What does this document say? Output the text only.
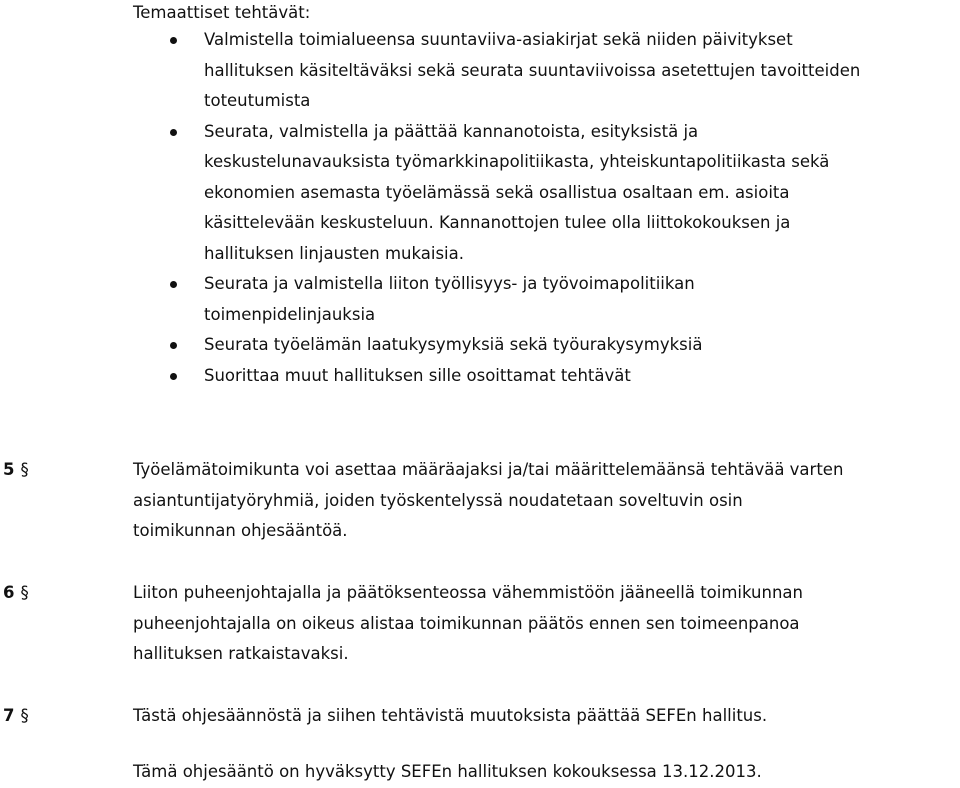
Temaattiset tehtävät:
Valmistella toimialueensa suuntaviiva-asiakirjat sekä niiden päivitykset
hallituksen käsiteltäväksi sekä seurata suuntaviivoissa asetettujen tavoitteiden
toteutumista
Seurata, valmistella ja päättää kannanotoista, esityksistä ja
keskustelunavauksista työmarkkinapolitiikasta, yhteiskuntapolitiikasta sekä
ekonomien asemasta työelämässä sekä osallistua osaltaan em. asioita
käsittelevään keskusteluun. Kannanottojen tulee olla liittokokouksen ja
hallituksen linjausten mukaisia.
Seurata ja valmistella liiton työllisyys- ja työvoimapolitiikan
toimenpidelinjauksia
Seurata työelämän laatukysymyksiä sekä työurakysymyksiä
Suorittaa muut hallituksen sille osoittamat tehtävät
5 §	Työelämätoimikunta voi asettaa määräajaksi ja/tai määrittelemäänsä tehtävää varten
asiantuntijatyöryhmiä, joiden työskentelyssä noudatetaan soveltuvin osin
toimikunnan ohjesääntöä.
6 §	Liiton puheenjohtajalla ja päätöksenteossa vähemmistöön jääneellä toimikunnan
puheenjohtajalla on oikeus alistaa toimikunnan päätös ennen sen toimeenpanoa
hallituksen ratkaistavaksi.
7 §	Tästä ohjesäännöstä ja siihen tehtävistä muutoksista päättää SEFEn hallitus.
Tämä ohjesääntö on hyväksytty SEFEn hallituksen kokouksessa 13.12.2013.
